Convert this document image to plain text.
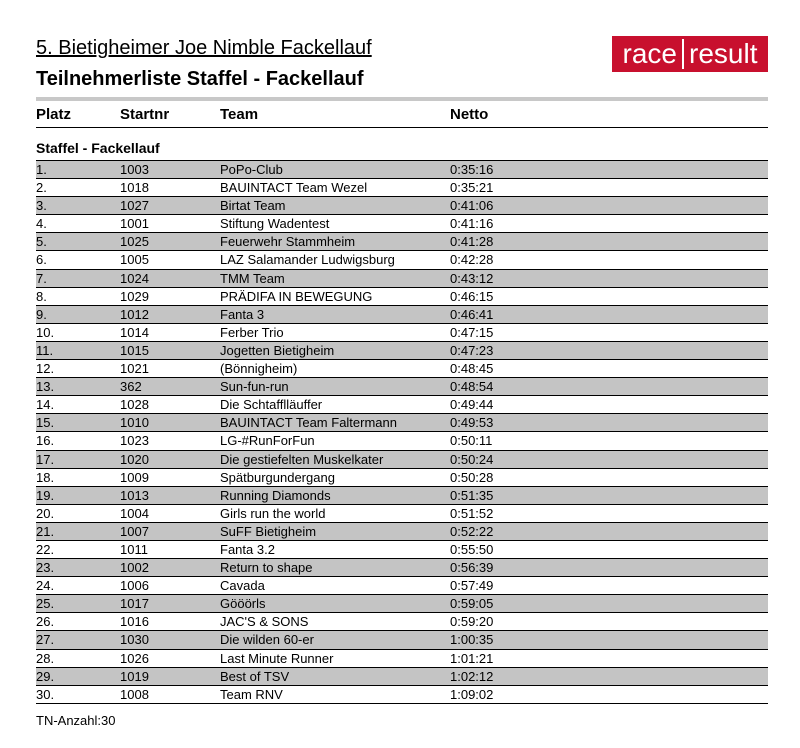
5. Bietigheimer Joe Nimble Fackellauf
Teilnehmerliste Staffel - Fackellauf
race result
Platz	Startnr	Team	Netto
Staffel - Fackellauf
1.	1003	PoPo-Club	0:35:16
2.	1018	BAUINTACT Team Wezel	0:35:21
3.	1027	Birtat Team	0:41:06
4.	1001	Stiftung Wadentest	0:41:16
5.	1025	Feuerwehr Stammheim	0:41:28
6.	1005	LAZ Salamander Ludwigsburg	0:42:28
7.	1024	TMM Team	0:43:12
8.	1029	PRÄDIFA IN BEWEGUNG	0:46:15
9.	1012	Fanta 3	0:46:41
10.	1014	Ferber Trio	0:47:15
11.	1015	Jogetten Bietigheim	0:47:23
12.	1021	(Bönnigheim)	0:48:45
13.	362	Sun-fun-run	0:48:54
14.	1028	Die Schtafflläuffer	0:49:44
15.	1010	BAUINTACT Team Faltermann	0:49:53
16.	1023	LG-#RunForFun	0:50:11
17.	1020	Die gestiefelten Muskelkater	0:50:24
18.	1009	Spätburgundergang	0:50:28
19.	1013	Running Diamonds	0:51:35
20.	1004	Girls run the world	0:51:52
21.	1007	SuFF Bietigheim	0:52:22
22.	1011	Fanta 3.2	0:55:50
23.	1002	Return to shape	0:56:39
24.	1006	Cavada	0:57:49
25.	1017	Gööörls	0:59:05
26.	1016	JAC'S & SONS	0:59:20
27.	1030	Die wilden 60-er	1:00:35
28.	1026	Last Minute Runner	1:01:21
29.	1019	Best of TSV	1:02:12
30.	1008	Team RNV	1:09:02
TN-Anzahl:30
